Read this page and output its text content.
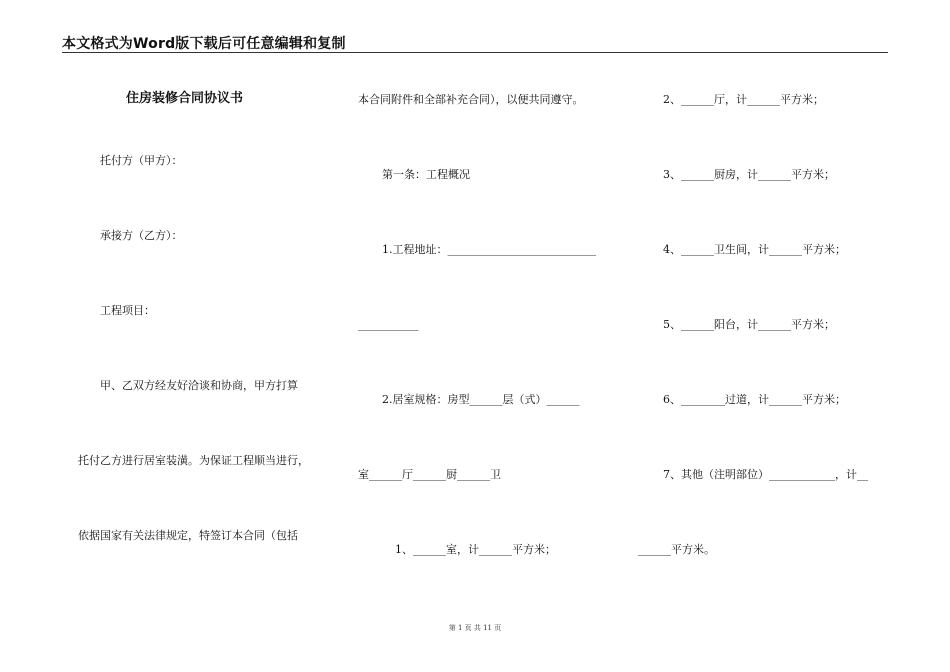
本文格式为Word版下载后可任意编辑和复制
住房装修合同协议书
托付方（甲方）：
承接方（乙方）：
工程项目：
甲、乙双方经友好洽谈和协商，甲方打算
托付乙方进行居室装潢。为保证工程顺当进行，
依据国家有关法律规定，特签订本合同（包括
本合同附件和全部补充合同），以便共同遵守。
第一条：工程概况
1.工程地址：___________________________
___________
2.居室规格：房型______层（式）______
室______厅______厨______卫
1、______室，计______平方米；
2、______厅，计______平方米；
3、______厨房，计______平方米；
4、______卫生间，计______平方米；
5、______阳台，计______平方米；
6、________过道，计______平方米；
7、其他（注明部位）____________，计__
______平方米。
第 1 页 共 11 页
